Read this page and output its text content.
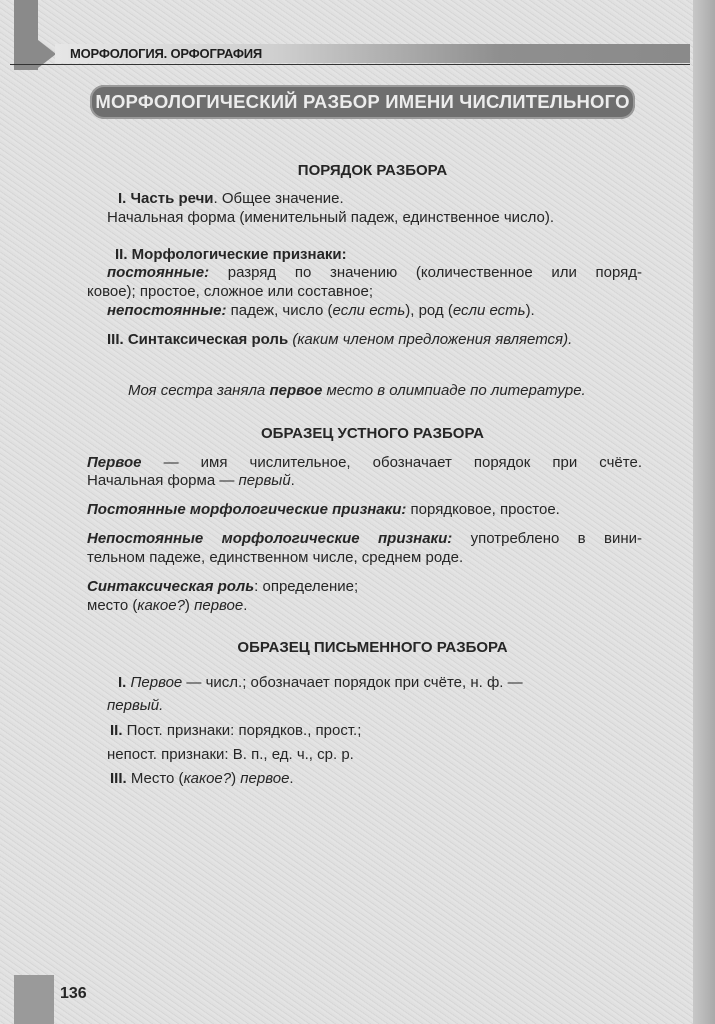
МОРФОЛОГИЯ. ОРФОГРАФИЯ
МОРФОЛОГИЧЕСКИЙ РАЗБОР ИМЕНИ ЧИСЛИТЕЛЬНОГО
ПОРЯДОК РАЗБОРА
I. Часть речи. Общее значение.
Начальная форма (именительный падеж, единственное число).
II. Морфологические признаки:
постоянные: разряд по значению (количественное или поряд-
ковое); простое, сложное или составное;
непостоянные: падеж, число (если есть), род (если есть).
III. Синтаксическая роль (каким членом предложения является).
Моя сестра заняла первое место в олимпиаде по литературе.
ОБРАЗЕЦ УСТНОГО РАЗБОРА
Первое — имя числительное, обозначает порядок при счёте.
Начальная форма — первый.
Постоянные морфологические признаки: порядковое, простое.
Непостоянные морфологические признаки: употреблено в вини-
тельном падеже, единственном числе, среднем роде.
Синтаксическая роль: определение;
место (какое?) первое.
ОБРАЗЕЦ ПИСЬМЕННОГО РАЗБОРА
I. Первое — числ.; обозначает порядок при счёте, н. ф. —
первый.
II. Пост. признаки: порядков., прост.;
непост. признаки: В. п., ед. ч., ср. р.
III. Место (какое?) первое.
136
